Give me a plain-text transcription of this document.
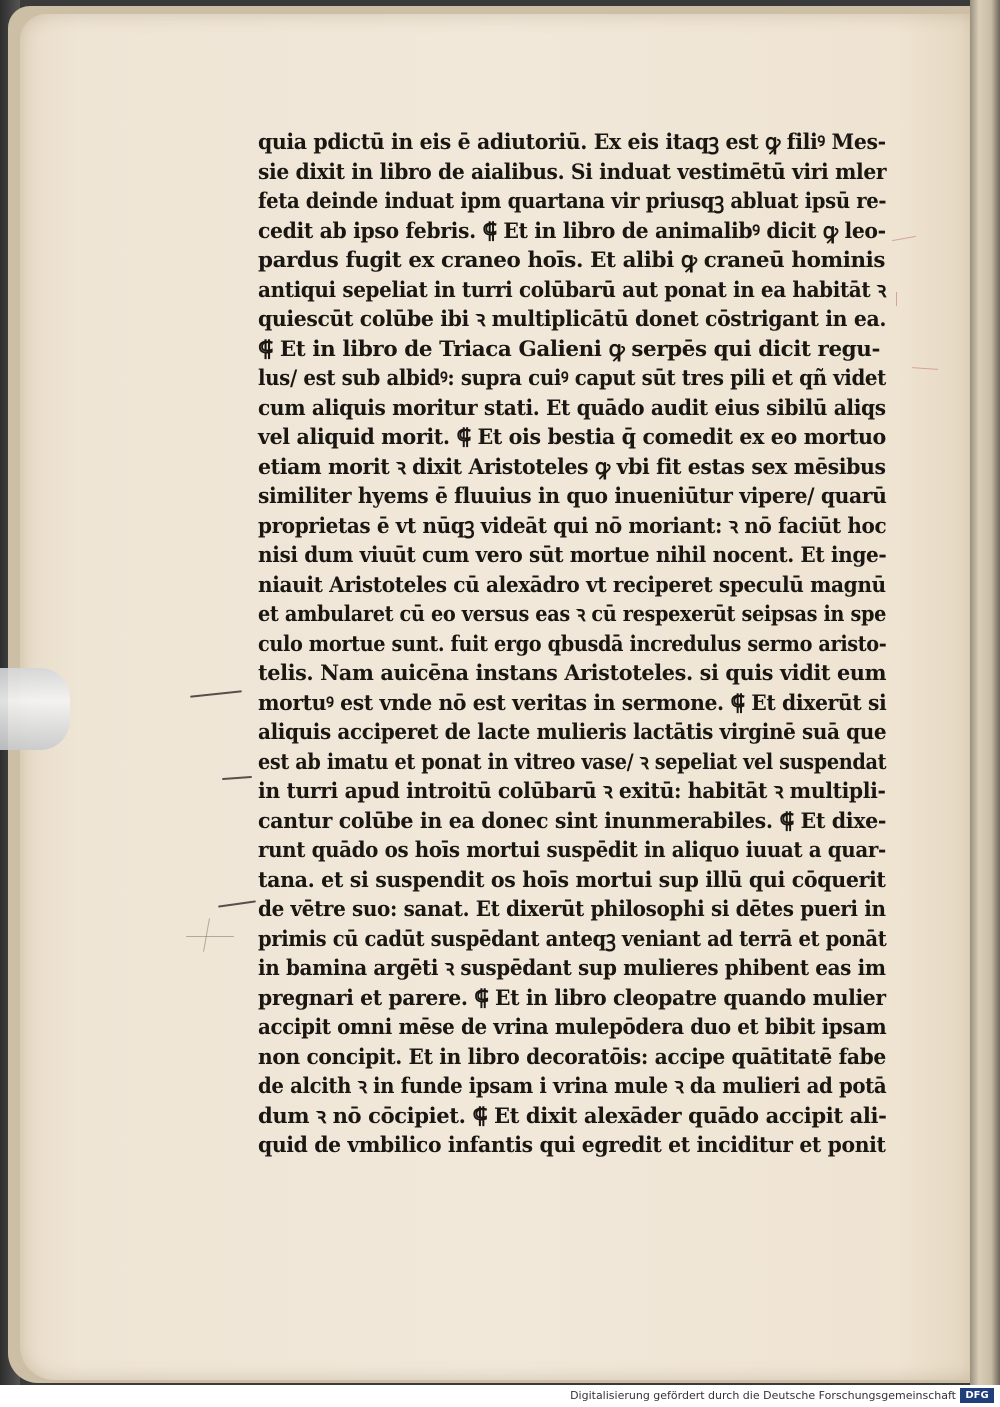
quia pdictū in eis ē adiutoriū. Ex eis itaqꝫ est ꝙ filiꝰ Mes-
sie dixit in libro de aialibus. Si induat vestimētū viri mler
feta deinde induat ipm quartana vir priusqꝫ abluat ipsū re-
cedit ab ipso febris. ⸿ Et in libro de animalibꝰ dicit ꝙ leo-
pardus fugit ex craneo hoīs. Et alibi ꝙ craneū hominis
antiqui sepeliat in turri colūbarū aut ponat in ea habitāt ꝛ
quiescūt colūbe ibi ꝛ multiplicātū donet cōstrigant in ea.
⸿ Et in libro de Triaca Galieni ꝙ serpēs qui dicit regu-
lus/ est sub albidꝰ: supra cuiꝰ caput sūt tres pili et qñ videt
cum aliquis moritur stati. Et quādo audit eius sibilū aliqs
vel aliquid morit. ⸿ Et ois bestia q̄ comedit ex eo mortuo
etiam morit ꝛ dixit Aristoteles ꝙ vbi fit estas sex mēsibus
similiter hyems ē fluuius in quo inueniūtur vipere/ quarū
proprietas ē vt nūqꝫ videāt qui nō moriant: ꝛ nō faciūt hoc
nisi dum viuūt cum vero sūt mortue nihil nocent. Et inge-
niauit Aristoteles cū alexādro vt reciperet speculū magnū
et ambularet cū eo versus eas ꝛ cū respexerūt seipsas in spe
culo mortue sunt. fuit ergo qbusdā incredulus sermo aristo-
telis. Nam auicēna instans Aristoteles. si quis vidit eum
mortuꝰ est vnde nō est veritas in sermone. ⸿ Et dixerūt si
aliquis acciperet de lacte mulieris lactātis virginē suā que
est ab imatu et ponat in vitreo vase/ ꝛ sepeliat vel suspendat
in turri apud introitū colūbarū ꝛ exitū: habitāt ꝛ multipli-
cantur colūbe in ea donec sint inunmerabiles. ⸿ Et dixe-
runt quādo os hoīs mortui suspēdit in aliquo iuuat a quar-
tana. et si suspendit os hoīs mortui sup illū qui cōquerit
de vētre suo: sanat. Et dixerūt philosophi si dētes pueri in
primis cū cadūt suspēdant anteqꝫ veniant ad terrā et ponāt
in bamina argēti ꝛ suspēdant sup mulieres phibent eas im
pregnari et parere. ⸿ Et in libro cleopatre quando mulier
accipit omni mēse de vrina mulepōdera duo et bibit ipsam
non concipit. Et in libro decoratōis: accipe quātitatē fabe
de alcith ꝛ in funde ipsam i vrina mule ꝛ da mulieri ad potā
dum ꝛ nō cōcipiet. ⸿ Et dixit alexāder quādo accipit ali-
quid de vmbilico infantis qui egredit et inciditur et ponit
Digitalisierung gefördert durch die Deutsche Forschungsgemeinschaft DFG
